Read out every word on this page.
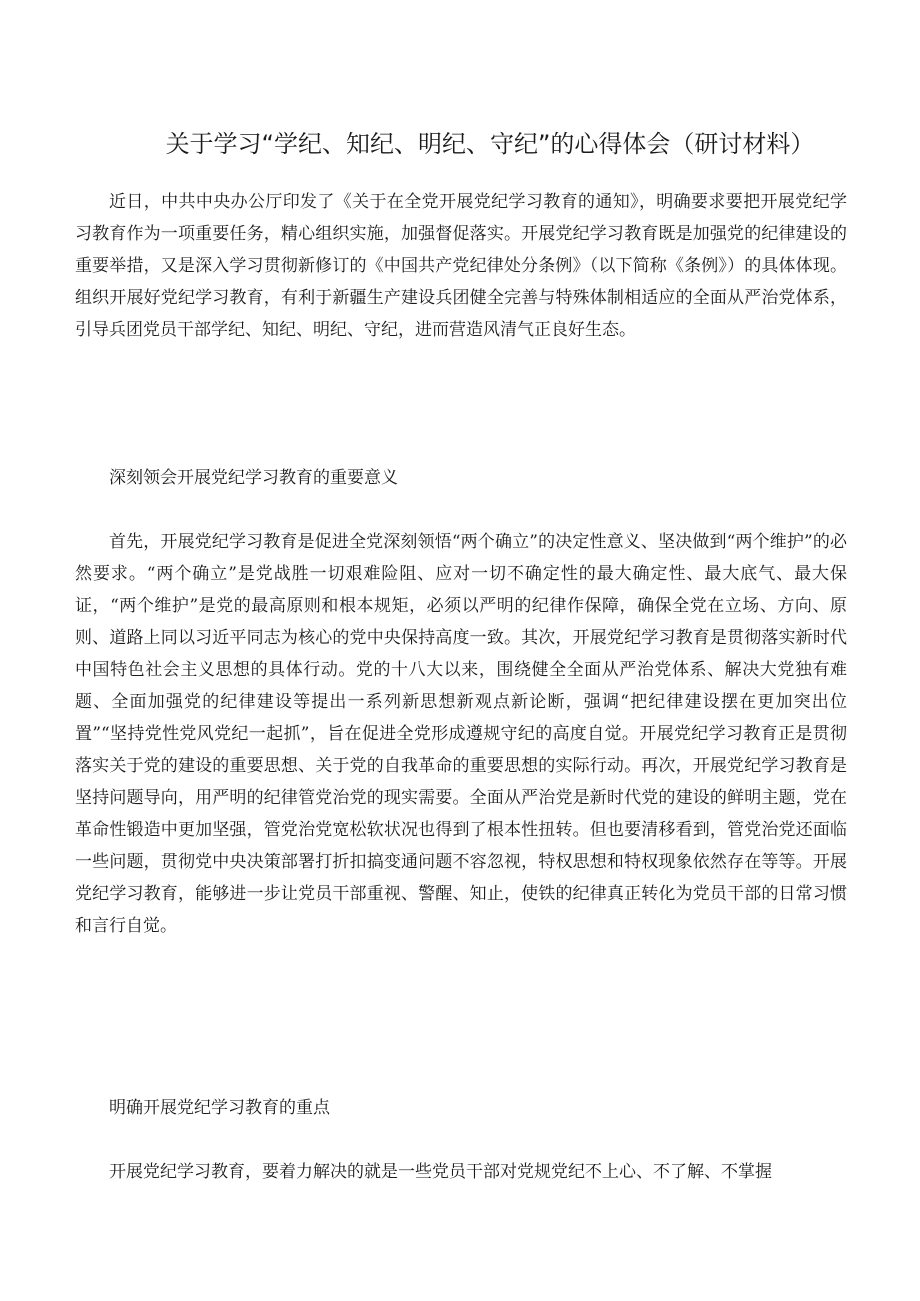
关于学习“学纪、知纪、明纪、守纪”的心得体会（研讨材料）

近日，中共中央办公厅印发了《关于在全党开展党纪学习教育的通知》，明确要求要把开展党纪学习教育作为一项重要任务，精心组织实施，加强督促落实。开展党纪学习教育既是加强党的纪律建设的重要举措，又是深入学习贯彻新修订的《中国共产党纪律处分条例》（以下简称《条例》）的具体体现。组织开展好党纪学习教育，有利于新疆生产建设兵团健全完善与特殊体制相适应的全面从严治党体系，引导兵团党员干部学纪、知纪、明纪、守纪，进而营造风清气正良好生态。

深刻领会开展党纪学习教育的重要意义

首先，开展党纪学习教育是促进全党深刻领悟“两个确立”的决定性意义、坚决做到“两个维护”的必然要求。“两个确立”是党战胜一切艰难险阻、应对一切不确定性的最大确定性、最大底气、最大保证，“两个维护”是党的最高原则和根本规矩，必须以严明的纪律作保障，确保全党在立场、方向、原则、道路上同以习近平同志为核心的党中央保持高度一致。其次，开展党纪学习教育是贯彻落实新时代中国特色社会主义思想的具体行动。党的十八大以来，围绕健全全面从严治党体系、解决大党独有难题、全面加强党的纪律建设等提出一系列新思想新观点新论断，强调“把纪律建设摆在更加突出位置”“坚持党性党风党纪一起抓”，旨在促进全党形成遵规守纪的高度自觉。开展党纪学习教育正是贯彻落实关于党的建设的重要思想、关于党的自我革命的重要思想的实际行动。再次，开展党纪学习教育是坚持问题导向，用严明的纪律管党治党的现实需要。全面从严治党是新时代党的建设的鲜明主题，党在革命性锻造中更加坚强，管党治党宽松软状况也得到了根本性扭转。但也要清移看到，管党治党还面临一些问题，贯彻党中央决策部署打折扣搞变通问题不容忽视，特权思想和特权现象依然存在等等。开展党纪学习教育，能够进一步让党员干部重视、警醒、知止，使铁的纪律真正转化为党员干部的日常习惯和言行自觉。

明确开展党纪学习教育的重点

开展党纪学习教育，要着力解决的就是一些党员干部对党规党纪不上心、不了解、不掌握
